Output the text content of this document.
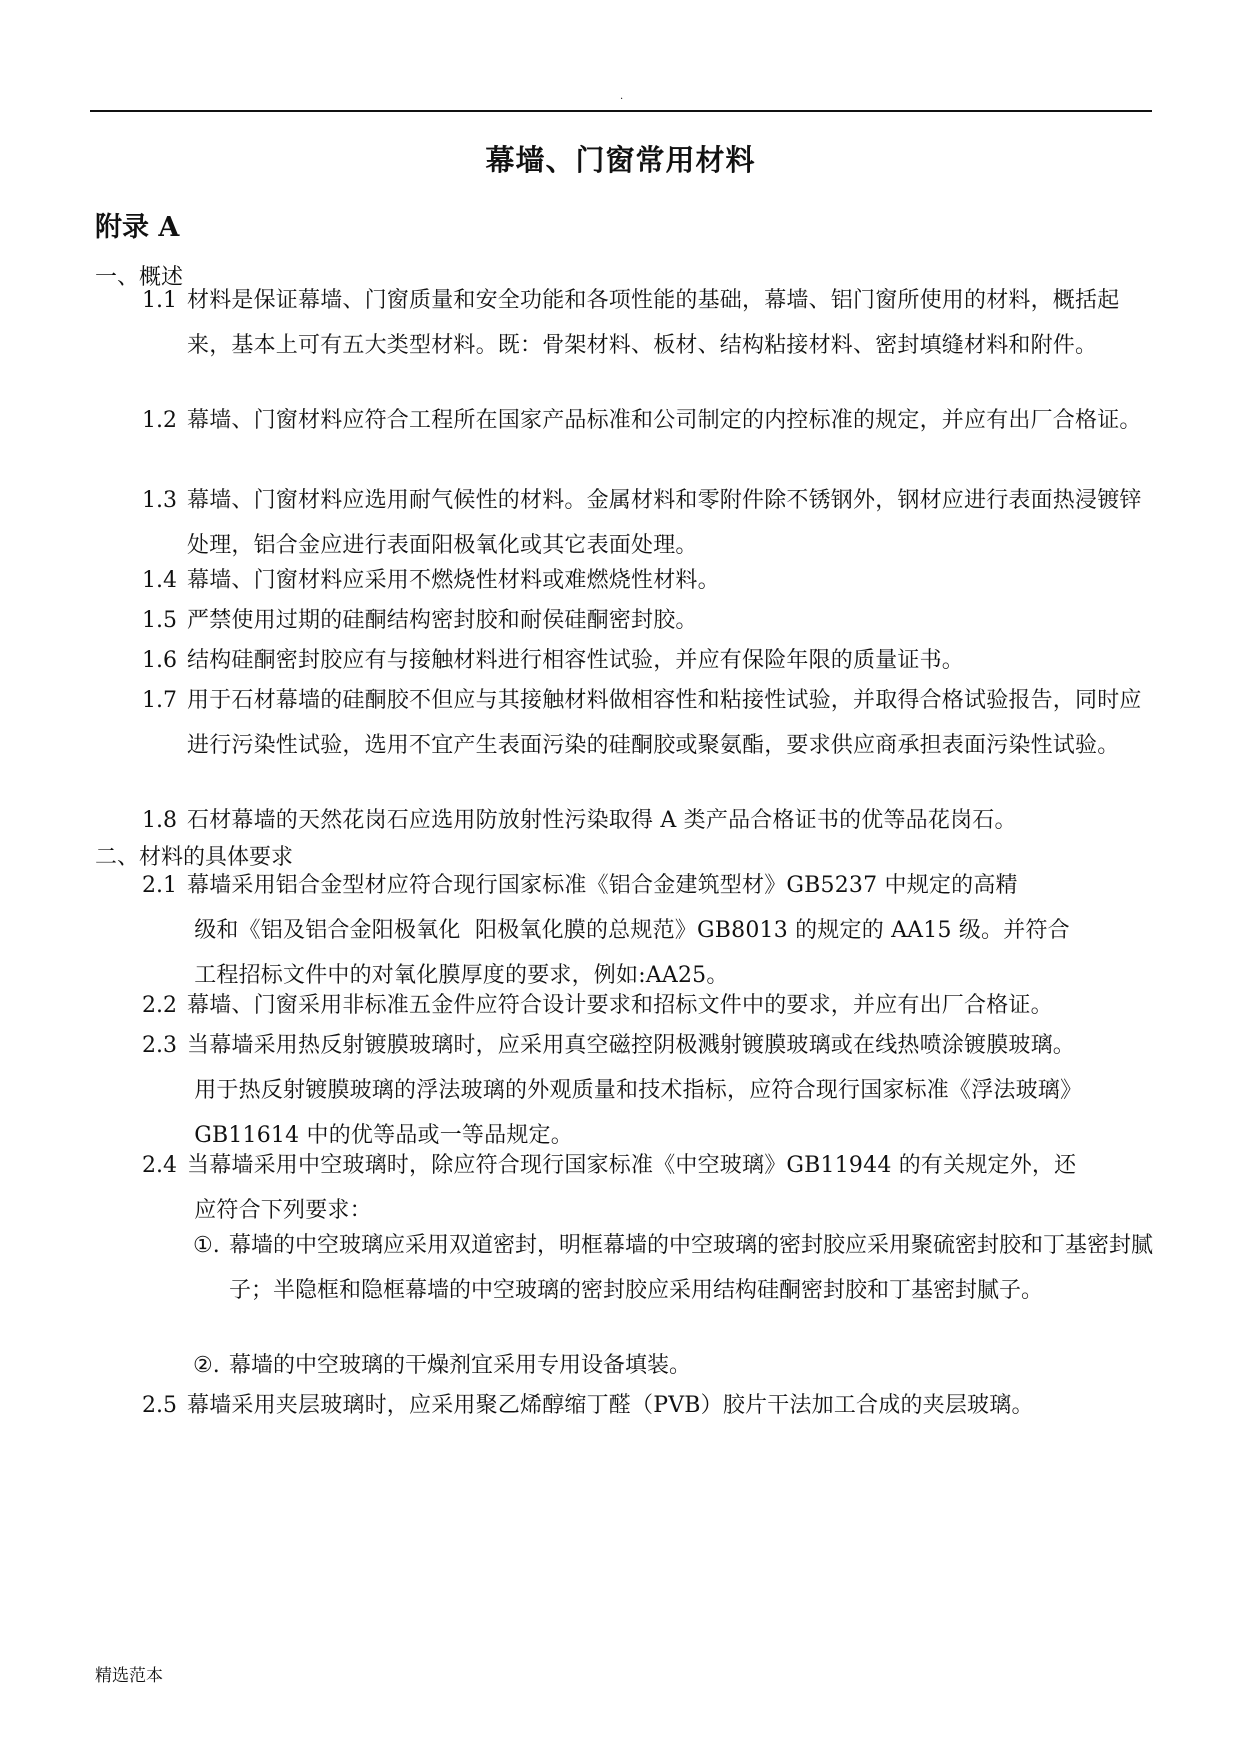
.
幕墙、门窗常用材料
附录 A
一、概述
1.1 材料是保证幕墙、门窗质量和安全功能和各项性能的基础，幕墙、铝门窗所使用的材料，概括起来，基本上可有五大类型材料。既：骨架材料、板材、结构粘接材料、密封填缝材料和附件。
1.2 幕墙、门窗材料应符合工程所在国家产品标准和公司制定的内控标准的规定，并应有出厂合格证。
1.3 幕墙、门窗材料应选用耐气候性的材料。金属材料和零附件除不锈钢外，钢材应进行表面热浸镀锌处理，铝合金应进行表面阳极氧化或其它表面处理。
1.4 幕墙、门窗材料应采用不燃烧性材料或难燃烧性材料。
1.5 严禁使用过期的硅酮结构密封胶和耐侯硅酮密封胶。
1.6 结构硅酮密封胶应有与接触材料进行相容性试验，并应有保险年限的质量证书。
1.7 用于石材幕墙的硅酮胶不但应与其接触材料做相容性和粘接性试验，并取得合格试验报告，同时应进行污染性试验，选用不宜产生表面污染的硅酮胶或聚氨酯，要求供应商承担表面污染性试验。
1.8 石材幕墙的天然花岗石应选用防放射性污染取得 A 类产品合格证书的优等品花岗石。
二、材料的具体要求
2.1 幕墙采用铝合金型材应符合现行国家标准《铝合金建筑型材》GB5237 中规定的高精
级和《铝及铝合金阳极氧化  阳极氧化膜的总规范》GB8013 的规定的 AA15 级。并符合
工程招标文件中的对氧化膜厚度的要求，例如:AA25。
2.2 幕墙、门窗采用非标准五金件应符合设计要求和招标文件中的要求，并应有出厂合格证。
2.3 当幕墙采用热反射镀膜玻璃时，应采用真空磁控阴极溅射镀膜玻璃或在线热喷涂镀膜玻璃。
用于热反射镀膜玻璃的浮法玻璃的外观质量和技术指标，应符合现行国家标准《浮法玻璃》
GB11614 中的优等品或一等品规定。
2.4 当幕墙采用中空玻璃时，除应符合现行国家标准《中空玻璃》GB11944 的有关规定外，还
应符合下列要求：
①. 幕墙的中空玻璃应采用双道密封，明框幕墙的中空玻璃的密封胶应采用聚硫密封胶和丁基密封腻子；半隐框和隐框幕墙的中空玻璃的密封胶应采用结构硅酮密封胶和丁基密封腻子。
②. 幕墙的中空玻璃的干燥剂宜采用专用设备填装。
2.5 幕墙采用夹层玻璃时，应采用聚乙烯醇缩丁醛（PVB）胶片干法加工合成的夹层玻璃。
精选范本
